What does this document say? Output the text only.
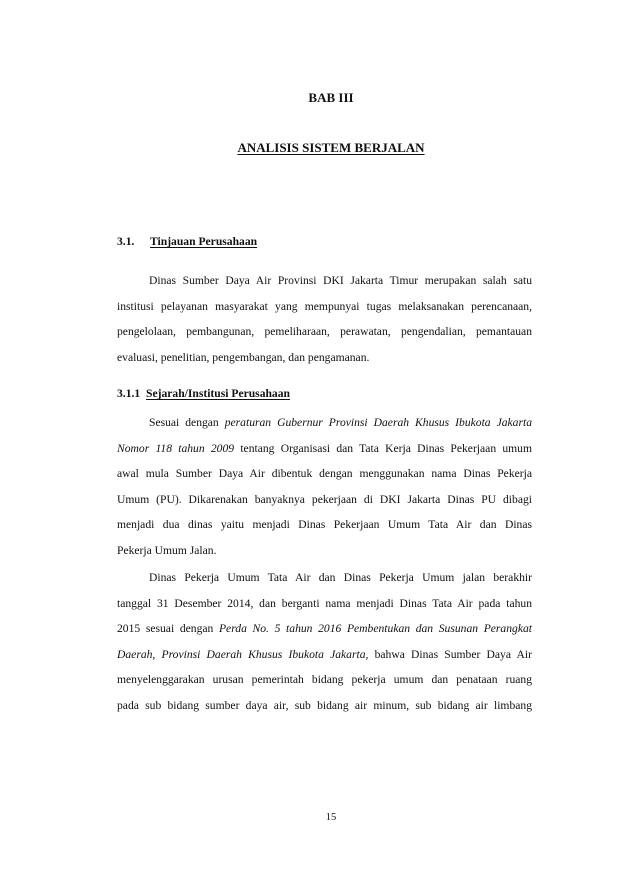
BAB III
ANALISIS SISTEM BERJALAN

3.1. Tinjauan Perusahaan

Dinas Sumber Daya Air Provinsi DKI Jakarta Timur merupakan salah satu
institusi pelayanan masyarakat yang mempunyai tugas melaksanakan perencanaan,
pengelolaan, pembangunan, pemeliharaan, perawatan, pengendalian, pemantauan
evaluasi, penelitian, pengembangan, dan pengamanan.

3.1.1 Sejarah/Institusi Perusahaan

Sesuai dengan peraturan Gubernur Provinsi Daerah Khusus Ibukota Jakarta
Nomor 118 tahun 2009 tentang Organisasi dan Tata Kerja Dinas Pekerjaan umum
awal mula Sumber Daya Air dibentuk dengan menggunakan nama Dinas Pekerja
Umum (PU). Dikarenakan banyaknya pekerjaan di DKI Jakarta Dinas PU dibagi
menjadi dua dinas yaitu menjadi Dinas Pekerjaan Umum Tata Air dan Dinas
Pekerja Umum Jalan.
Dinas Pekerja Umum Tata Air dan Dinas Pekerja Umum jalan berakhir
tanggal 31 Desember 2014, dan berganti nama menjadi Dinas Tata Air pada tahun
2015 sesuai dengan Perda No. 5 tahun 2016 Pembentukan dan Susunan Perangkat
Daerah, Provinsi Daerah Khusus Ibukota Jakarta, bahwa Dinas Sumber Daya Air
menyelenggarakan urusan pemerintah bidang pekerja umum dan penataan ruang
pada sub bidang sumber daya air, sub bidang air minum, sub bidang air limbang
15
